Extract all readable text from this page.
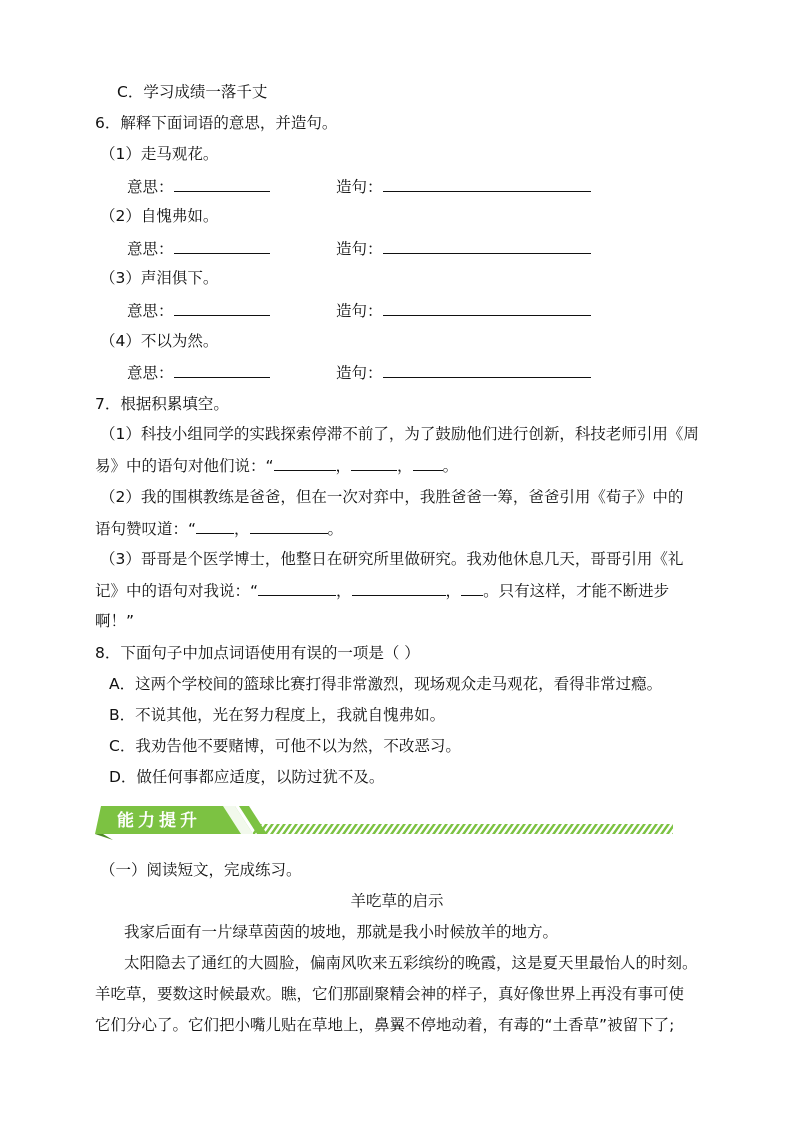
C．学习成绩一落千丈
6．解释下面词语的意思，并造句。
（1）走马观花。
意思：	造句：
（2）自愧弗如。
意思：	造句：
（3）声泪俱下。
意思：	造句：
（4）不以为然。
意思：	造句：
7．根据积累填空。
（1）科技小组同学的实践探索停滞不前了，为了鼓励他们进行创新，科技老师引用《周
易》中的语句对他们说：“	，	， 。
（2）我的围棋教练是爸爸，但在一次对弈中，我胜爸爸一筹，爸爸引用《荀子》中的
语句赞叹道：“ ，	。
（3）哥哥是个医学博士，他整日在研究所里做研究。我劝他休息几天，哥哥引用《礼
记》中的语句对我说：“	，	， 。只有这样，才能不断进步
啊！”
8．下面句子中加点词语使用有误的一项是（ ）
A．这两个学校间的篮球比赛打得非常激烈，现场观众走马观花，看得非常过瘾。
B．不说其他，光在努力程度上，我就自愧弗如。
C．我劝告他不要赌博，可他不以为然，不改恶习。
D．做任何事都应适度，以防过犹不及。
能力提升
（一）阅读短文，完成练习。
羊吃草的启示
我家后面有一片绿草茵茵的坡地，那就是我小时候放羊的地方。
太阳隐去了通红的大圆脸，偏南风吹来五彩缤纷的晚霞，这是夏天里最怡人的时刻。
羊吃草，要数这时候最欢。瞧，它们那副聚精会神的样子，真好像世界上再没有事可使
它们分心了。它们把小嘴儿贴在草地上，鼻翼不停地动着，有毒的“土香草”被留下了;
